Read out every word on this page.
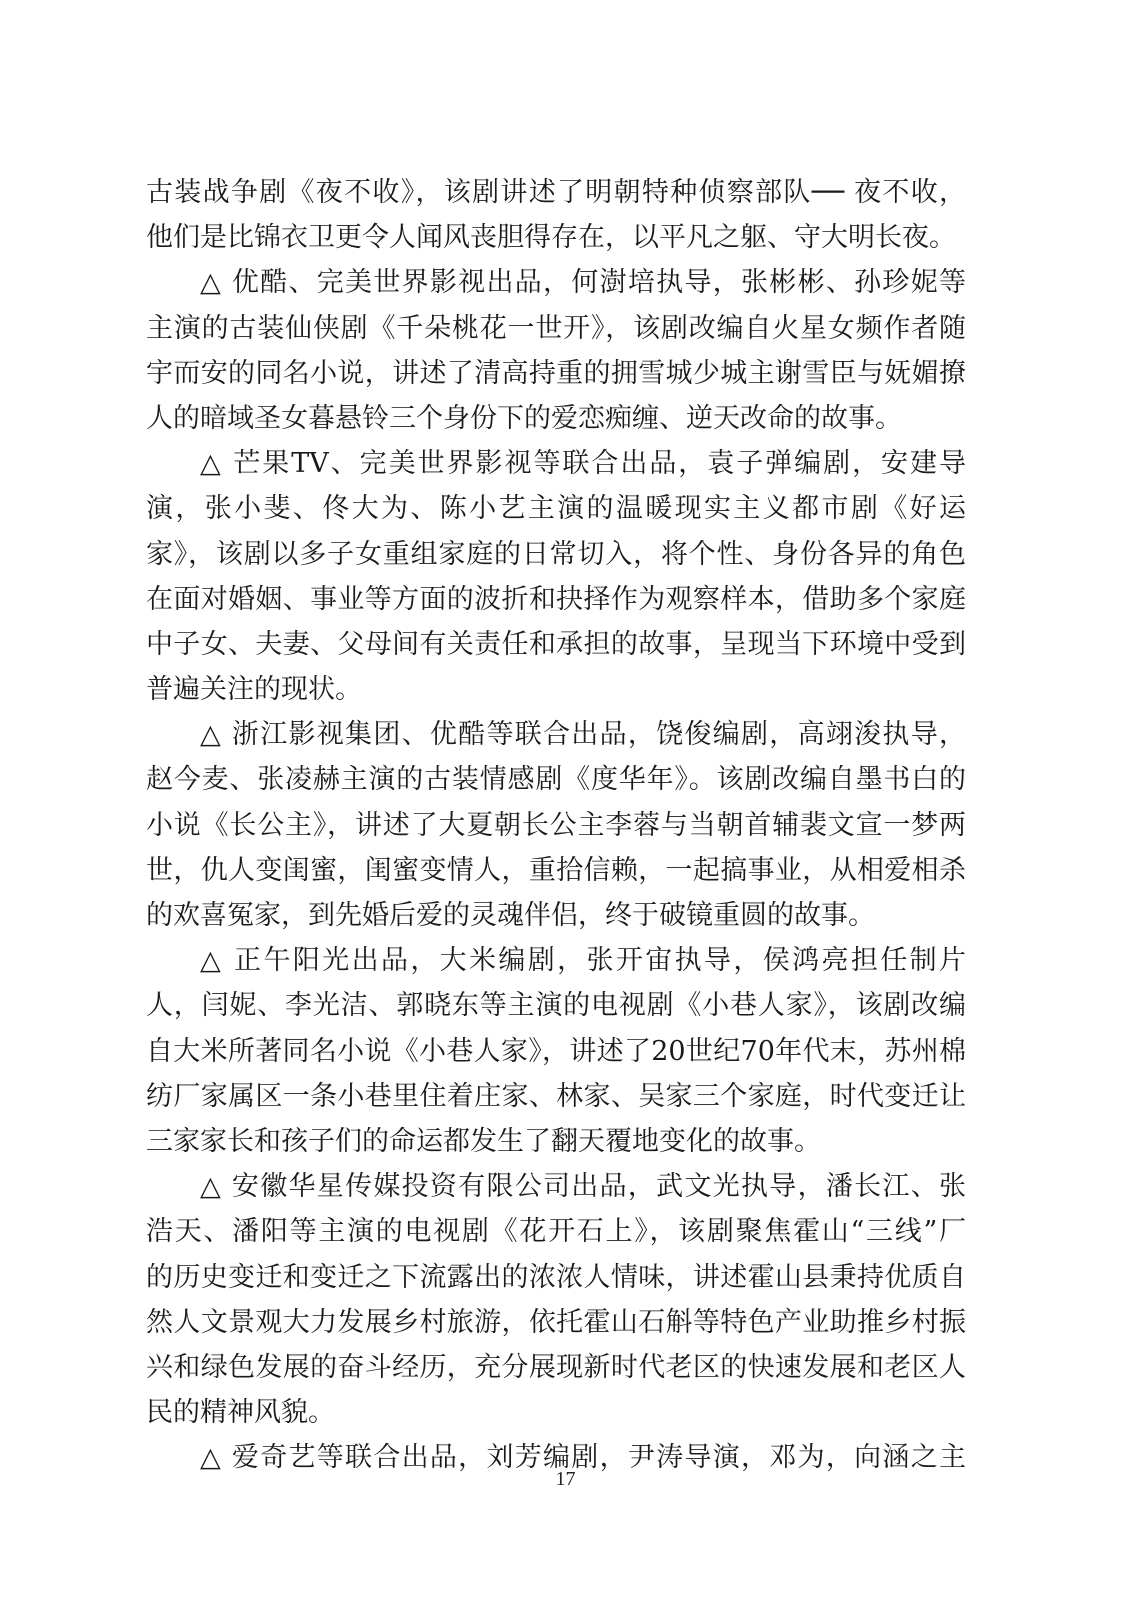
古装战争剧《夜不收》，该剧讲述了明朝特种侦察部队── 夜不收，
他们是比锦衣卫更令人闻风丧胆得存在，以平凡之躯、守大明长夜。
△ 优酷、完美世界影视出品，何澍培执导，张彬彬、孙珍妮等
主演的古装仙侠剧《千朵桃花一世开》，该剧改编自火星女频作者随
宇而安的同名小说，讲述了清高持重的拥雪城少城主谢雪臣与妩媚撩
人的暗域圣女暮悬铃三个身份下的爱恋痴缠、逆天改命的故事。
△ 芒果TV、完美世界影视等联合出品，袁子弹编剧，安建导
演，张小斐、佟大为、陈小艺主演的温暖现实主义都市剧《好运
家》，该剧以多子女重组家庭的日常切入，将个性、身份各异的角色
在面对婚姻、事业等方面的波折和抉择作为观察样本，借助多个家庭
中子女、夫妻、父母间有关责任和承担的故事，呈现当下环境中受到
普遍关注的现状。
△ 浙江影视集团、优酷等联合出品，饶俊编剧，高翊浚执导，
赵今麦、张凌赫主演的古装情感剧《度华年》。该剧改编自墨书白的
小说《长公主》，讲述了大夏朝长公主李蓉与当朝首辅裴文宣一梦两
世，仇人变闺蜜，闺蜜变情人，重拾信赖，一起搞事业，从相爱相杀
的欢喜冤家，到先婚后爱的灵魂伴侣，终于破镜重圆的故事。
△ 正午阳光出品，大米编剧，张开宙执导，侯鸿亮担任制片
人，闫妮、李光洁、郭晓东等主演的电视剧《小巷人家》，该剧改编
自大米所著同名小说《小巷人家》，讲述了20世纪70年代末，苏州棉
纺厂家属区一条小巷里住着庄家、林家、吴家三个家庭，时代变迁让
三家家长和孩子们的命运都发生了翻天覆地变化的故事。
△ 安徽华星传媒投资有限公司出品，武文光执导，潘长江、张
浩天、潘阳等主演的电视剧《花开石上》，该剧聚焦霍山“三线”厂
的历史变迁和变迁之下流露出的浓浓人情味，讲述霍山县秉持优质自
然人文景观大力发展乡村旅游，依托霍山石斛等特色产业助推乡村振
兴和绿色发展的奋斗经历，充分展现新时代老区的快速发展和老区人
民的精神风貌。
△ 爱奇艺等联合出品，刘芳编剧，尹涛导演，邓为，向涵之主
17
